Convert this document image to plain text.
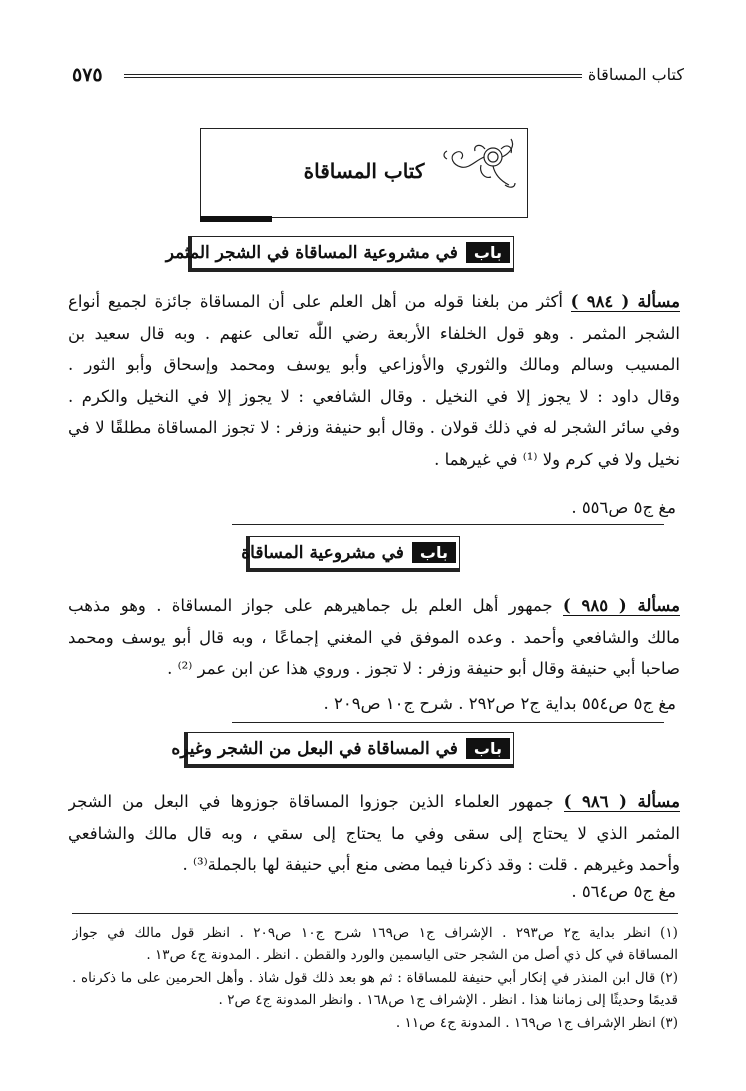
٥٧٥	كتاب المساقاة
كتاب المساقاة
باب
في مشروعية المساقاة في الشجر المثمر
مسألة ( ٩٨٤ ) أكثر من بلغنا قوله من أهل العلم على أن المساقاة جائزة لجميع أنواع
الشجر المثمر . وهو قول الخلفاء الأربعة رضي اللّٰه تعالى عنهم . وبه قال سعيد بن
المسيب وسالم ومالك والثوري والأوزاعي وأبو يوسف ومحمد وإسحاق وأبو الثور .
وقال داود : لا يجوز إلا في النخيل . وقال الشافعي : لا يجوز إلا في النخيل والكرم .
وفي سائر الشجر له في ذلك قولان . وقال أبو حنيفة وزفر : لا تجوز المساقاة مطلقًا لا في
نخيل ولا في كرم ولا ⁽¹⁾ في غيرهما .
مغ ج٥ ص٥٥٦ .
باب
في مشروعية المساقاة
مسألة ( ٩٨٥ ) جمهور أهل العلم بل جماهيرهم على جواز المساقاة . وهو مذهب
مالك والشافعي وأحمد . وعده الموفق في المغني إجماعًا ، وبه قال أبو يوسف ومحمد
صاحبا أبي حنيفة وقال أبو حنيفة وزفر : لا تجوز . وروي هذا عن ابن عمر ⁽²⁾ .
مغ ج٥ ص٥٥٤ بداية ج٢ ص٢٩٢ . شرح ج١٠ ص٢٠٩ .
باب
في المساقاة في البعل من الشجر وغيره
مسألة ( ٩٨٦ ) جمهور العلماء الذين جوزوا المساقاة جوزوها في البعل من الشجر
المثمر الذي لا يحتاج إلى سقى وفي ما يحتاج إلى سقي ، وبه قال مالك والشافعي
وأحمد وغيرهم . قلت : وقد ذكرنا فيما مضى منع أبي حنيفة لها بالجملة⁽³⁾ .
مغ ج٥ ص٥٦٤ .
(١) انظر بداية ج٢ ص٢٩٣ . الإشراف ج١ ص١٦٩ شرح ج١٠ ص٢٠٩ . انظر قول مالك في جواز
المساقاة في كل ذي أصل من الشجر حتى الياسمين والورد والقطن . انظر . المدونة ج٤ ص١٣ .
(٢) قال ابن المنذر في إنكار أبي حنيفة للمساقاة : ثم هو بعد ذلك قول شاذ . وأهل الحرمين على ما ذكرناه .
قديمًا وحديثًا إلى زماننا هذا . انظر . الإشراف ج١ ص١٦٨ . وانظر المدونة ج٤ ص٢ .
(٣) انظر الإشراف ج١ ص١٦٩ . المدونة ج٤ ص١١ .
